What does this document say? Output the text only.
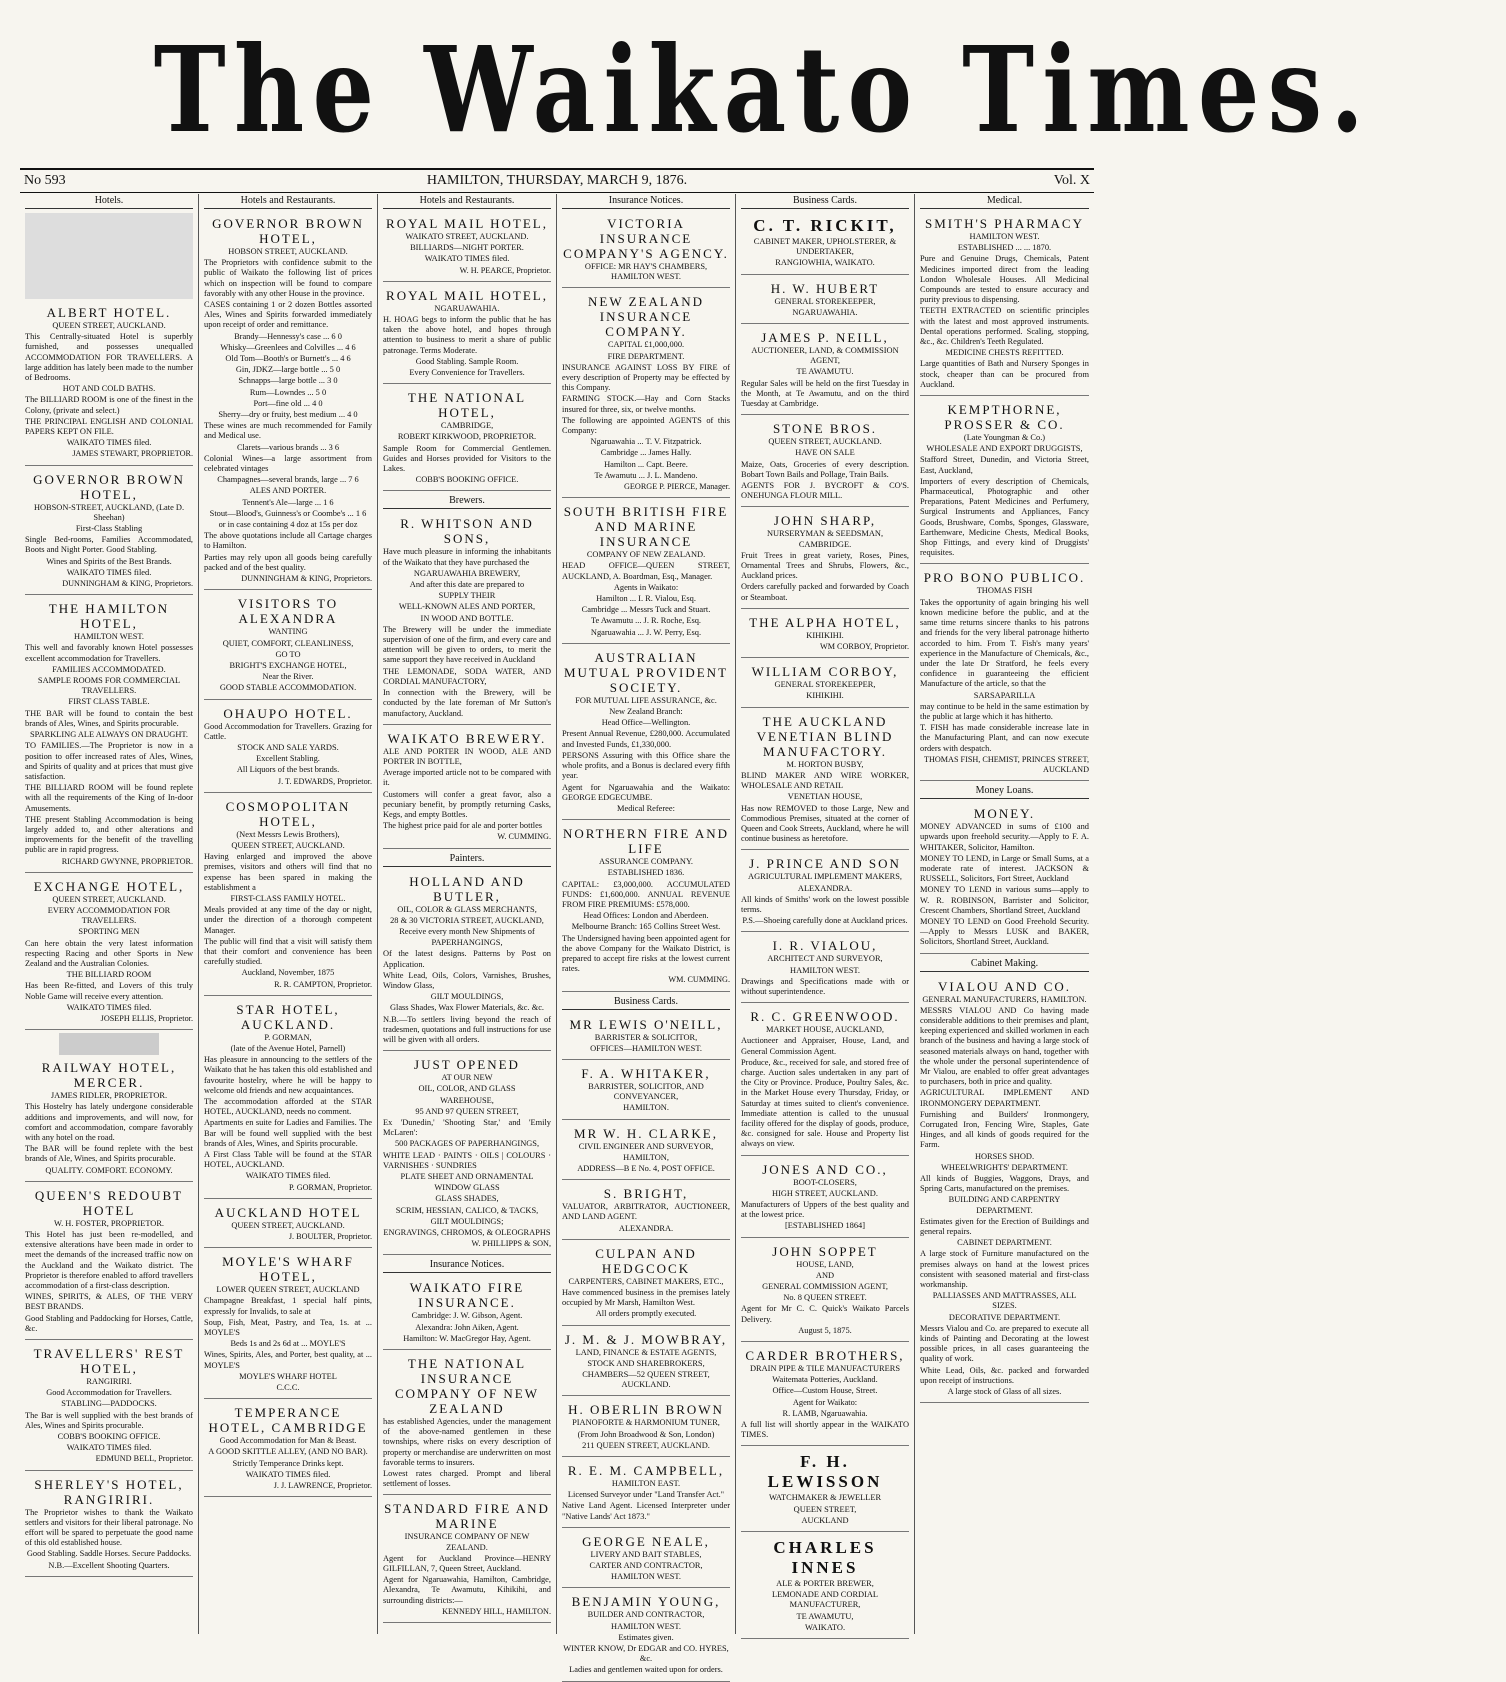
The Waikato Times.
No 593	HAMILTON, THURSDAY, MARCH 9, 1876.	Vol. X
Hotels.
ALBERT HOTEL.

QUEEN STREET, AUCKLAND.

This Centrally-situated Hotel is superbly furnished, and possesses unequalled ACCOMMODATION FOR TRAVELLERS. A large addition has lately been made to the number of Bedrooms.

HOT AND COLD BATHS.

The BILLIARD ROOM is one of the finest in the Colony, (private and select.)

THE PRINCIPAL ENGLISH AND COLONIAL PAPERS KEPT ON FILE.

WAIKATO TIMES filed.

JAMES STEWART, PROPRIETOR.

GOVERNOR BROWN HOTEL,

HOBSON-STREET, AUCKLAND, (Late D. Sheehan)

First-Class Stabling

Single Bed-rooms, Families Accommodated, Boots and Night Porter. Good Stabling.

Wines and Spirits of the Best Brands.

WAIKATO TIMES filed.

DUNNINGHAM & KING, Proprietors.

THE HAMILTON HOTEL,

HAMILTON WEST.

This well and favorably known Hotel possesses excellent accommodation for Travellers.

FAMILIES ACCOMMODATED.

SAMPLE ROOMS FOR COMMERCIAL TRAVELLERS.

FIRST CLASS TABLE.

THE BAR will be found to contain the best brands of Ales, Wines, and Spirits procurable.

SPARKLING ALE ALWAYS ON DRAUGHT.

TO FAMILIES.—The Proprietor is now in a position to offer increased rates of Ales, Wines, and Spirits of quality and at prices that must give satisfaction.

THE BILLIARD ROOM will be found replete with all the requirements of the King of In-door Amusements.

THE present Stabling Accommodation is being largely added to, and other alterations and improvements for the benefit of the travelling public are in rapid progress.

RICHARD GWYNNE, PROPRIETOR.

EXCHANGE HOTEL,

QUEEN STREET, AUCKLAND.

EVERY ACCOMMODATION FOR TRAVELLERS.

SPORTING MEN

Can here obtain the very latest information respecting Racing and other Sports in New Zealand and the Australian Colonies.

THE BILLIARD ROOM

Has been Re-fitted, and Lovers of this truly Noble Game will receive every attention.

WAIKATO TIMES filed.

JOSEPH ELLIS, Proprietor.

RAILWAY HOTEL, MERCER.

JAMES RIDLER, PROPRIETOR.

This Hostelry has lately undergone considerable additions and improvements, and will now, for comfort and accommodation, compare favorably with any hotel on the road.

The BAR will be found replete with the best brands of Ale, Wines, and Spirits procurable.

QUALITY. COMFORT. ECONOMY.

QUEEN'S REDOUBT HOTEL

W. H. FOSTER, PROPRIETOR.

This Hotel has just been re-modelled, and extensive alterations have been made in order to meet the demands of the increased traffic now on the Auckland and the Waikato district. The Proprietor is therefore enabled to afford travellers accommodation of a first-class description.

WINES, SPIRITS, & ALES, OF THE VERY BEST BRANDS.

Good Stabling and Paddocking for Horses, Cattle, &c.

TRAVELLERS' REST HOTEL,

RANGIRIRI.

Good Accommodation for Travellers.

STABLING—PADDOCKS.

The Bar is well supplied with the best brands of Ales, Wines and Spirits procurable.

COBB'S BOOKING OFFICE.

WAIKATO TIMES filed.

EDMUND BELL, Proprietor.

SHERLEY'S HOTEL, RANGIRIRI.

The Proprietor wishes to thank the Waikato settlers and visitors for their liberal patronage. No effort will be spared to perpetuate the good name of this old established house.

Good Stabling. Saddle Horses. Secure Paddocks.

N.B.—Excellent Shooting Quarters.

Hotels and Restaurants.
GOVERNOR BROWN HOTEL,

HOBSON STREET, AUCKLAND.

The Proprietors with confidence submit to the public of Waikato the following list of prices which on inspection will be found to compare favorably with any other House in the province.

CASES containing 1 or 2 dozen Bottles assorted Ales, Wines and Spirits forwarded immediately upon receipt of order and remittance.

Brandy—Hennessy's case ... 6 0

Whisky—Greenlees and Colvilles ... 4 6

Old Tom—Booth's or Burnett's ... 4 6

Gin, JDKZ—large bottle ... 5 0

Schnapps—large bottle ... 3 0

Rum—Lowndes ... 5 0

Port—fine old ... 4 0

Sherry—dry or fruity, best medium ... 4 0

These wines are much recommended for Family and Medical use.

Clarets—various brands ... 3 6

Colonial Wines—a large assortment from celebrated vintages

Champagnes—several brands, large ... 7 6

ALES AND PORTER.

Tennent's Ale—large ... 1 6

Stout—Blood's, Guinness's or Coombe's ... 1 6

or in case containing 4 doz at 15s per doz

The above quotations include all Cartage charges to Hamilton.

Parties may rely upon all goods being carefully packed and of the best quality.

DUNNINGHAM & KING, Proprietors.

VISITORS TO ALEXANDRA

WANTING

QUIET, COMFORT, CLEANLINESS,

GO TO

BRIGHT'S EXCHANGE HOTEL,

Near the River.

GOOD STABLE ACCOMMODATION.

OHAUPO HOTEL.

Good Accommodation for Travellers. Grazing for Cattle.

STOCK AND SALE YARDS.

Excellent Stabling.

All Liquors of the best brands.

J. T. EDWARDS, Proprietor.

COSMOPOLITAN HOTEL,

(Next Messrs Lewis Brothers),

QUEEN STREET, AUCKLAND.

Having enlarged and improved the above premises, visitors and others will find that no expense has been spared in making the establishment a

FIRST-CLASS FAMILY HOTEL.

Meals provided at any time of the day or night, under the direction of a thorough competent Manager.

The public will find that a visit will satisfy them that their comfort and convenience has been carefully studied.

Auckland, November, 1875

R. R. CAMPTON, Proprietor.

STAR HOTEL, AUCKLAND.

P. GORMAN,

(late of the Avenue Hotel, Parnell)

Has pleasure in announcing to the settlers of the Waikato that he has taken this old established and favourite hostelry, where he will be happy to welcome old friends and new acquaintances.

The accommodation afforded at the STAR HOTEL, AUCKLAND, needs no comment.

Apartments en suite for Ladies and Families. The Bar will be found well supplied with the best brands of Ales, Wines, and Spirits procurable.

A First Class Table will be found at the STAR HOTEL, AUCKLAND.

WAIKATO TIMES filed.

P. GORMAN, Proprietor.

AUCKLAND HOTEL

QUEEN STREET, AUCKLAND.

J. BOULTER, Proprietor.

MOYLE'S WHARF HOTEL,

LOWER QUEEN STREET, AUCKLAND

Champagne Breakfast, 1 special half pints, expressly for Invalids, to sale at

Soup, Fish, Meat, Pastry, and Tea, 1s. at ... MOYLE'S

Beds 1s and 2s 6d at ... MOYLE'S

Wines, Spirits, Ales, and Porter, best quality, at ... MOYLE'S

MOYLE'S WHARF HOTEL

C.C.C.

TEMPERANCE HOTEL, CAMBRIDGE

Good Accommodation for Man & Beast.

A GOOD SKITTLE ALLEY, (AND NO BAR).

Strictly Temperance Drinks kept.

WAIKATO TIMES filed.

J. J. LAWRENCE, Proprietor.

Hotels and Restaurants.
ROYAL MAIL HOTEL,

WAIKATO STREET, AUCKLAND.

BILLIARDS—NIGHT PORTER.

WAIKATO TIMES filed.

W. H. PEARCE, Proprietor.

ROYAL MAIL HOTEL,

NGARUAWAHIA.

H. HOAG begs to inform the public that he has taken the above hotel, and hopes through attention to business to merit a share of public patronage. Terms Moderate.

Good Stabling. Sample Room.

Every Convenience for Travellers.

THE NATIONAL HOTEL,

CAMBRIDGE,

ROBERT KIRKWOOD, PROPRIETOR.

Sample Room for Commercial Gentlemen. Guides and Horses provided for Visitors to the Lakes.

COBB'S BOOKING OFFICE.

Brewers.
R. WHITSON AND SONS,

Have much pleasure in informing the inhabitants of the Waikato that they have purchased the

NGARUAWAHIA BREWERY,

And after this date are prepared to

SUPPLY THEIR

WELL-KNOWN ALES AND PORTER,

IN WOOD AND BOTTLE.

The Brewery will be under the immediate supervision of one of the firm, and every care and attention will be given to orders, to merit the same support they have received in Auckland

THE LEMONADE, SODA WATER, AND CORDIAL MANUFACTORY,

In connection with the Brewery, will be conducted by the late foreman of Mr Sutton's manufactory, Auckland.

WAIKATO BREWERY.

ALE AND PORTER IN WOOD, ALE AND PORTER IN BOTTLE,

Average imported article not to be compared with it.

Customers will confer a great favor, also a pecuniary benefit, by promptly returning Casks, Kegs, and empty Bottles.

The highest price paid for ale and porter bottles

W. CUMMING.

Painters.
HOLLAND AND BUTLER,

OIL, COLOR & GLASS MERCHANTS,

28 & 30 VICTORIA STREET, AUCKLAND,

Receive every month New Shipments of

PAPERHANGINGS,

Of the latest designs. Patterns by Post on Application.

White Lead, Oils, Colors, Varnishes, Brushes, Window Glass,

GILT MOULDINGS,

Glass Shades, Wax Flower Materials, &c. &c.

N.B.—To settlers living beyond the reach of tradesmen, quotations and full instructions for use will be given with all orders.

JUST OPENED

AT OUR NEW

OIL, COLOR, AND GLASS

WAREHOUSE,

95 AND 97 QUEEN STREET,

Ex 'Dunedin,' 'Shooting Star,' and 'Emily McLaren':

500 PACKAGES OF PAPERHANGINGS,

WHITE LEAD · PAINTS · OILS | COLOURS · VARNISHES · SUNDRIES

PLATE SHEET AND ORNAMENTAL

WINDOW GLASS

GLASS SHADES,

SCRIM, HESSIAN, CALICO, & TACKS,

GILT MOULDINGS;

ENGRAVINGS, CHROMOS, & OLEOGRAPHS

W. PHILLIPPS & SON,

Insurance Notices.
WAIKATO FIRE INSURANCE.

Cambridge: J. W. Gibson, Agent.

Alexandra: John Aiken, Agent.

Hamilton: W. MacGregor Hay, Agent.

THE NATIONAL INSURANCE COMPANY OF NEW ZEALAND

has established Agencies, under the management of the above-named gentlemen in these townships, where risks on every description of property or merchandise are underwritten on most favorable terms to insurers.

Lowest rates charged. Prompt and liberal settlement of losses.

STANDARD FIRE AND MARINE

INSURANCE COMPANY OF NEW ZEALAND.

Agent for Auckland Province—HENRY GILFILLAN, 7, Queen Street, Auckland.

Agent for Ngaruawahia, Hamilton, Cambridge, Alexandra, Te Awamutu, Kihikihi, and surrounding districts:—

KENNEDY HILL, HAMILTON.

Insurance Notices.
VICTORIA INSURANCE COMPANY'S AGENCY.

OFFICE: MR HAY'S CHAMBERS, HAMILTON WEST.

NEW ZEALAND INSURANCE COMPANY.

CAPITAL £1,000,000.

FIRE DEPARTMENT.

INSURANCE AGAINST LOSS BY FIRE of every description of Property may be effected by this Company.

FARMING STOCK.—Hay and Corn Stacks insured for three, six, or twelve months.

The following are appointed AGENTS of this Company:

Ngaruawahia ... T. V. Fitzpatrick.

Cambridge ... James Hally.

Hamilton ... Capt. Beere.

Te Awamutu ... J. L. Mandeno.

GEORGE P. PIERCE, Manager.

SOUTH BRITISH FIRE AND MARINE INSURANCE

COMPANY OF NEW ZEALAND.

HEAD OFFICE—QUEEN STREET, AUCKLAND, A. Boardman, Esq., Manager.

Agents in Waikato:

Hamilton ... I. R. Vialou, Esq.

Cambridge ... Messrs Tuck and Stuart.

Te Awamutu ... J. R. Roche, Esq.

Ngaruawahia ... J. W. Perry, Esq.

AUSTRALIAN MUTUAL PROVIDENT SOCIETY.

FOR MUTUAL LIFE ASSURANCE, &c.

New Zealand Branch:

Head Office—Wellington.

Present Annual Revenue, £280,000. Accumulated and Invested Funds, £1,330,000.

PERSONS Assuring with this Office share the whole profits, and a Bonus is declared every fifth year.

Agent for Ngaruawahia and the Waikato: GEORGE EDGECUMBE.

Medical Referee:

NORTHERN FIRE AND LIFE

ASSURANCE COMPANY.

ESTABLISHED 1836.

CAPITAL: £3,000,000. ACCUMULATED FUNDS: £1,600,000. ANNUAL REVENUE FROM FIRE PREMIUMS: £578,000.

Head Offices: London and Aberdeen.

Melbourne Branch: 165 Collins Street West.

The Undersigned having been appointed agent for the above Company for the Waikato District, is prepared to accept fire risks at the lowest current rates.

WM. CUMMING.

Business Cards.
MR LEWIS O'NEILL,

BARRISTER & SOLICITOR,

OFFICES—HAMILTON WEST.

F. A. WHITAKER,

BARRISTER, SOLICITOR, AND CONVEYANCER,

HAMILTON.

MR W. H. CLARKE,

CIVIL ENGINEER AND SURVEYOR,

HAMILTON,

ADDRESS—B E No. 4, POST OFFICE.

S. BRIGHT,

VALUATOR, ARBITRATOR, AUCTIONEER, AND LAND AGENT.

ALEXANDRA.

CULPAN AND HEDGCOCK

CARPENTERS, CABINET MAKERS, ETC.,

Have commenced business in the premises lately occupied by Mr Marsh, Hamilton West.

All orders promptly executed.

J. M. & J. MOWBRAY,

LAND, FINANCE & ESTATE AGENTS,

STOCK AND SHAREBROKERS,

CHAMBERS—52 QUEEN STREET, AUCKLAND.

H. OBERLIN BROWN

PIANOFORTE & HARMONIUM TUNER,

(From John Broadwood & Son, London)

211 QUEEN STREET, AUCKLAND.

R. E. M. CAMPBELL,

HAMILTON EAST.

Licensed Surveyor under "Land Transfer Act."

Native Land Agent. Licensed Interpreter under "Native Lands' Act 1873."

GEORGE NEALE,

LIVERY AND BAIT STABLES,

CARTER AND CONTRACTOR,

HAMILTON WEST.

BENJAMIN YOUNG,

BUILDER AND CONTRACTOR,

HAMILTON WEST.

Estimates given.

WINTER KNOW, Dr EDGAR and CO. HYRES, &c.

Ladies and gentlemen waited upon for orders.

Business Cards.
C. T. RICKIT,

CABINET MAKER, UPHOLSTERER, & UNDERTAKER,

RANGIOWHIA, WAIKATO.

H. W. HUBERT

GENERAL STOREKEEPER,

NGARUAWAHIA.

JAMES P. NEILL,

AUCTIONEER, LAND, & COMMISSION AGENT,

TE AWAMUTU.

Regular Sales will be held on the first Tuesday in the Month, at Te Awamutu, and on the third Tuesday at Cambridge.

STONE BROS.

QUEEN STREET, AUCKLAND.

HAVE ON SALE

Maize, Oats, Groceries of every description. Bobart Town Bails and Pollage, Train Bails.

AGENTS FOR J. BYCROFT & CO'S. ONEHUNGA FLOUR MILL.

JOHN SHARP,

NURSERYMAN & SEEDSMAN, CAMBRIDGE.

Fruit Trees in great variety, Roses, Pines, Ornamental Trees and Shrubs, Flowers, &c., Auckland prices.

Orders carefully packed and forwarded by Coach or Steamboat.

THE ALPHA HOTEL,

KIHIKIHI.

WM CORBOY, Proprietor.

WILLIAM CORBOY,

GENERAL STOREKEEPER,

KIHIKIHI.

THE AUCKLAND VENETIAN BLIND MANUFACTORY.

M. HORTON BUSBY,

BLIND MAKER AND WIRE WORKER, WHOLESALE AND RETAIL

VENETIAN HOUSE,

Has now REMOVED to those Large, New and Commodious Premises, situated at the corner of Queen and Cook Streets, Auckland, where he will continue business as heretofore.

J. PRINCE AND SON

AGRICULTURAL IMPLEMENT MAKERS,

ALEXANDRA.

All kinds of Smiths' work on the lowest possible terms.

P.S.—Shoeing carefully done at Auckland prices.

I. R. VIALOU,

ARCHITECT AND SURVEYOR,

HAMILTON WEST.

Drawings and Specifications made with or without superintendence.

R. C. GREENWOOD.

MARKET HOUSE, AUCKLAND,

Auctioneer and Appraiser, House, Land, and General Commission Agent.

Produce, &c., received for sale, and stored free of charge. Auction sales undertaken in any part of the City or Province. Produce, Poultry Sales, &c. in the Market House every Thursday, Friday, or Saturday at times suited to client's convenience. Immediate attention is called to the unusual facility offered for the display of goods, produce, &c. consigned for sale. House and Property list always on view.

JONES AND CO.,

BOOT-CLOSERS,

HIGH STREET, AUCKLAND.

Manufacturers of Uppers of the best quality and at the lowest price.

[ESTABLISHED 1864]

JOHN SOPPET

HOUSE, LAND,

AND

GENERAL COMMISSION AGENT,

No. 8 QUEEN STREET.

Agent for Mr C. C. Quick's Waikato Parcels Delivery.

August 5, 1875.

CARDER BROTHERS,

DRAIN PIPE & TILE MANUFACTURERS

Waitemata Potteries, Auckland.

Office—Custom House, Street.

Agent for Waikato:

R. LAMB, Ngaruawahia.

A full list will shortly appear in the WAIKATO TIMES.

F. H. LEWISSON

WATCHMAKER & JEWELLER

QUEEN STREET,

AUCKLAND

CHARLES INNES

ALE & PORTER BREWER,

LEMONADE AND CORDIAL MANUFACTURER,

TE AWAMUTU,

WAIKATO.

Medical.
SMITH'S PHARMACY

HAMILTON WEST.

ESTABLISHED ... ... 1870.

Pure and Genuine Drugs, Chemicals, Patent Medicines imported direct from the leading London Wholesale Houses. All Medicinal Compounds are tested to ensure accuracy and purity previous to dispensing.

TEETH EXTRACTED on scientific principles with the latest and most approved instruments. Dental operations performed. Scaling, stopping, &c., &c. Children's Teeth Regulated.

MEDICINE CHESTS REFITTED.

Large quantities of Bath and Nursery Sponges in stock, cheaper than can be procured from Auckland.

KEMPTHORNE, PROSSER & CO.

(Late Youngman & Co.)

WHOLESALE AND EXPORT DRUGGISTS,

Stafford Street, Dunedin, and Victoria Street, East, Auckland,

Importers of every description of Chemicals, Pharmaceutical, Photographic and other Preparations, Patent Medicines and Perfumery, Surgical Instruments and Appliances, Fancy Goods, Brushware, Combs, Sponges, Glassware, Earthenware, Medicine Chests, Medical Books, Shop Fittings, and every kind of Druggists' requisites.

PRO BONO PUBLICO.

THOMAS FISH

Takes the opportunity of again bringing his well known medicine before the public, and at the same time returns sincere thanks to his patrons and friends for the very liberal patronage hitherto accorded to him. From T. Fish's many years' experience in the Manufacture of Chemicals, &c., under the late Dr Stratford, he feels every confidence in guaranteeing the efficient Manufacture of the article, so that the

SARSAPARILLA

may continue to be held in the same estimation by the public at large which it has hitherto.

T. FISH has made considerable increase late in the Manufacturing Plant, and can now execute orders with despatch.

THOMAS FISH, CHEMIST, PRINCES STREET, AUCKLAND

Money Loans.
MONEY.

MONEY ADVANCED in sums of £100 and upwards upon freehold security.—Apply to F. A. WHITAKER, Solicitor, Hamilton.

MONEY TO LEND, in Large or Small Sums, at a moderate rate of interest. JACKSON & RUSSELL, Solicitors, Fort Street, Auckland

MONEY TO LEND in various sums—apply to W. R. ROBINSON, Barrister and Solicitor, Crescent Chambers, Shortland Street, Auckland

MONEY TO LEND on Good Freehold Security.—Apply to Messrs LUSK and BAKER, Solicitors, Shortland Street, Auckland.

Cabinet Making.
VIALOU AND CO.

GENERAL MANUFACTURERS, HAMILTON.

MESSRS VIALOU AND Co having made considerable additions to their premises and plant, keeping experienced and skilled workmen in each branch of the business and having a large stock of seasoned materials always on hand, together with the whole under the personal superintendence of Mr Vialou, are enabled to offer great advantages to purchasers, both in price and quality.

AGRICULTURAL IMPLEMENT AND IRONMONGERY DEPARTMENT.

Furnishing and Builders' Ironmongery, Corrugated Iron, Fencing Wire, Staples, Gate Hinges, and all kinds of goods required for the Farm.

HORSES SHOD.

WHEELWRIGHTS' DEPARTMENT.

All kinds of Buggies, Waggons, Drays, and Spring Carts, manufactured on the premises.

BUILDING AND CARPENTRY DEPARTMENT.

Estimates given for the Erection of Buildings and general repairs.

CABINET DEPARTMENT.

A large stock of Furniture manufactured on the premises always on hand at the lowest prices consistent with seasoned material and first-class workmanship.

PALLIASSES AND MATTRASSES, ALL SIZES.

DECORATIVE DEPARTMENT.

Messrs Vialou and Co. are prepared to execute all kinds of Painting and Decorating at the lowest possible prices, in all cases guaranteeing the quality of work.

White Lead, Oils, &c. packed and forwarded upon receipt of instructions.

A large stock of Glass of all sizes.
